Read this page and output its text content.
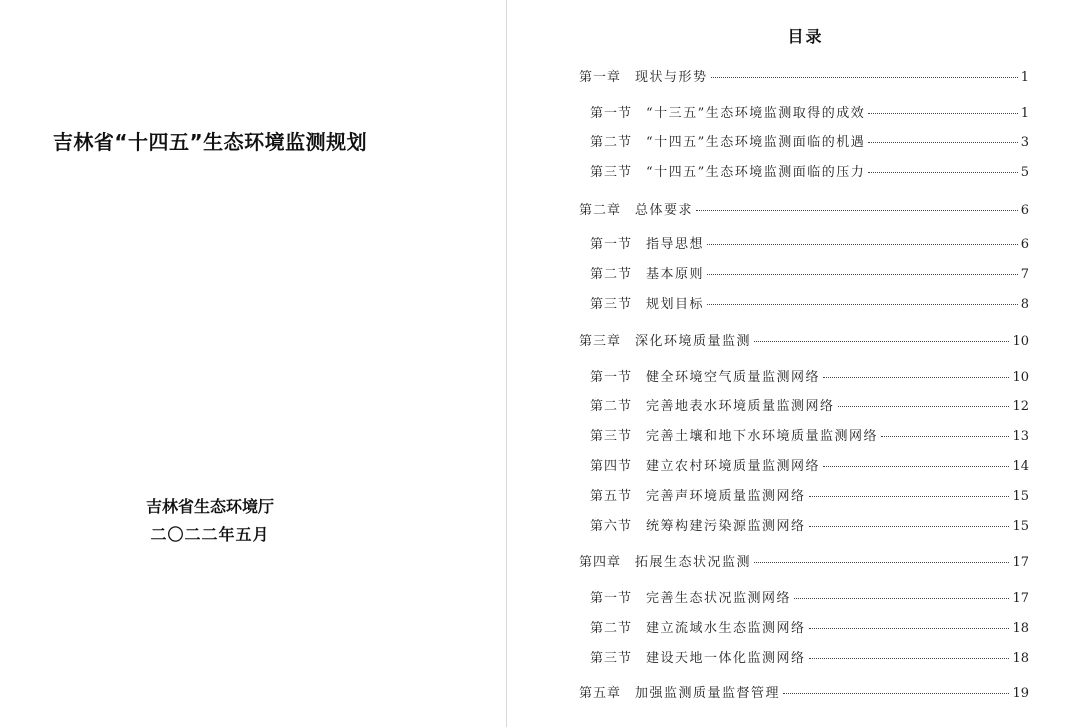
吉林省“十四五”生态环境监测规划
吉林省生态环境厅
二〇二二年五月
目录
第一章 现状与形势	1
第一节 “十三五”生态环境监测取得的成效	1
第二节 “十四五”生态环境监测面临的机遇	3
第三节 “十四五”生态环境监测面临的压力	5
第二章 总体要求	6
第一节 指导思想	6
第二节 基本原则	7
第三节 规划目标	8
第三章 深化环境质量监测	10
第一节 健全环境空气质量监测网络	10
第二节 完善地表水环境质量监测网络	12
第三节 完善土壤和地下水环境质量监测网络	13
第四节 建立农村环境质量监测网络	14
第五节 完善声环境质量监测网络	15
第六节 统筹构建污染源监测网络	15
第四章 拓展生态状况监测	17
第一节 完善生态状况监测网络	17
第二节 建立流域水生态监测网络	18
第三节 建设天地一体化监测网络	18
第五章 加强监测质量监督管理	19
